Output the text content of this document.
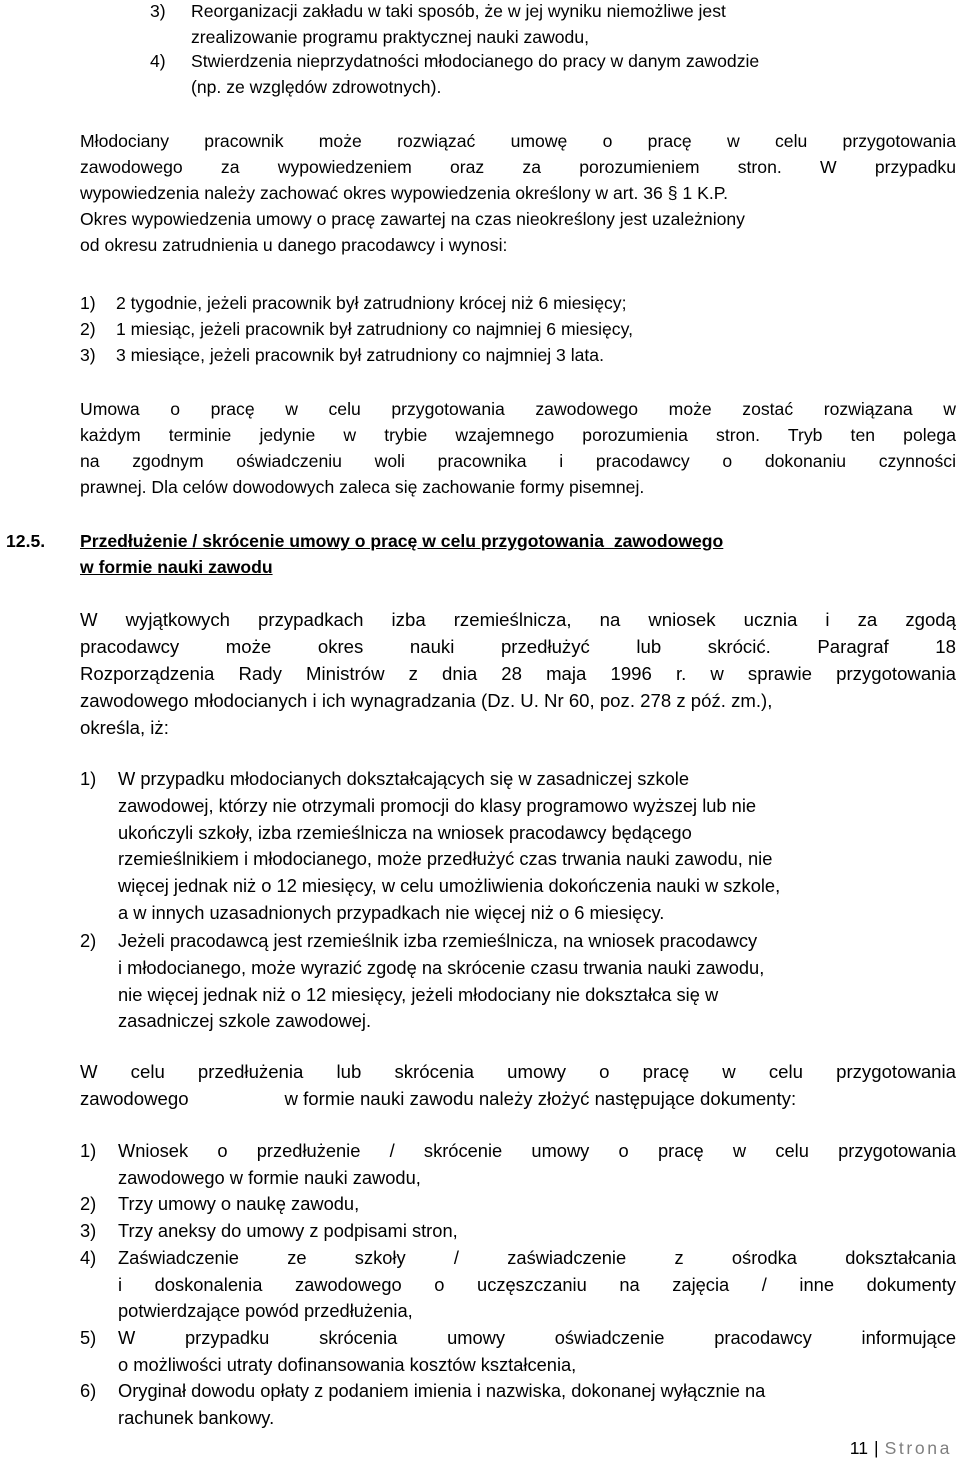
3) Reorganizacji zakładu w taki sposób, że w jej wyniku niemożliwe jest
zrealizowanie programu praktycznej nauki zawodu,
4) Stwierdzenia nieprzydatności młodocianego do pracy w danym zawodzie
(np. ze względów zdrowotnych).
Młodociany pracownik może rozwiązać umowę o pracę w celu przygotowania
zawodowego za wypowiedzeniem oraz za porozumieniem stron. W przypadku
wypowiedzenia należy zachować okres wypowiedzenia określony w art. 36 § 1 K.P.
Okres wypowiedzenia umowy o pracę zawartej na czas nieokreślony jest uzależniony
od okresu zatrudnienia u danego pracodawcy i wynosi:
1) 2 tygodnie, jeżeli pracownik był zatrudniony krócej niż 6 miesięcy;
2) 1 miesiąc, jeżeli pracownik był zatrudniony co najmniej 6 miesięcy,
3) 3 miesiące, jeżeli pracownik był zatrudniony co najmniej 3 lata.
Umowa o pracę w celu przygotowania zawodowego może zostać rozwiązana w
każdym terminie jedynie w trybie wzajemnego porozumienia stron. Tryb ten polega
na zgodnym oświadczeniu woli pracownika i pracodawcy o dokonaniu czynności
prawnej. Dla celów dowodowych zaleca się zachowanie formy pisemnej.
12.5. Przedłużenie / skrócenie umowy o pracę w celu przygotowania  zawodowego
w formie nauki zawodu
W wyjątkowych przypadkach izba rzemieślnicza, na wniosek ucznia i za zgodą
pracodawcy może okres nauki przedłużyć lub skrócić. Paragraf 18
Rozporządzenia Rady Ministrów z dnia 28 maja 1996 r. w sprawie przygotowania
zawodowego młodocianych i ich wynagradzania (Dz. U. Nr 60, poz. 278 z póź. zm.),
określa, iż:
1) W przypadku młodocianych dokształcających się w zasadniczej szkole
zawodowej, którzy nie otrzymali promocji do klasy programowo wyższej lub nie
ukończyli szkoły, izba rzemieślnicza na wniosek pracodawcy będącego
rzemieślnikiem i młodocianego, może przedłużyć czas trwania nauki zawodu, nie
więcej jednak niż o 12 miesięcy, w celu umożliwienia dokończenia nauki w szkole,
a w innych uzasadnionych przypadkach nie więcej niż o 6 miesięcy.
2) Jeżeli pracodawcą jest rzemieślnik izba rzemieślnicza, na wniosek pracodawcy
i młodocianego, może wyrazić zgodę na skrócenie czasu trwania nauki zawodu,
nie więcej jednak niż o 12 miesięcy, jeżeli młodociany nie dokształca się w
zasadniczej szkole zawodowej.
W celu przedłużenia lub skrócenia umowy o pracę w celu przygotowania
zawodowego	w formie nauki zawodu należy złożyć następujące dokumenty:
1) Wniosek o przedłużenie / skrócenie umowy o pracę w celu przygotowania
zawodowego w formie nauki zawodu,
2) Trzy umowy o naukę zawodu,
3) Trzy aneksy do umowy z podpisami stron,
4) Zaświadczenie ze szkoły / zaświadczenie z ośrodka dokształcania
i doskonalenia zawodowego o uczęszczaniu na zajęcia / inne dokumenty
potwierdzające powód przedłużenia,
5) W przypadku skrócenia umowy oświadczenie pracodawcy informujące
o możliwości utraty dofinansowania kosztów kształcenia,
6) Oryginał dowodu opłaty z podaniem imienia i nazwiska, dokonanej wyłącznie na
rachunek bankowy.
11 | Strona
